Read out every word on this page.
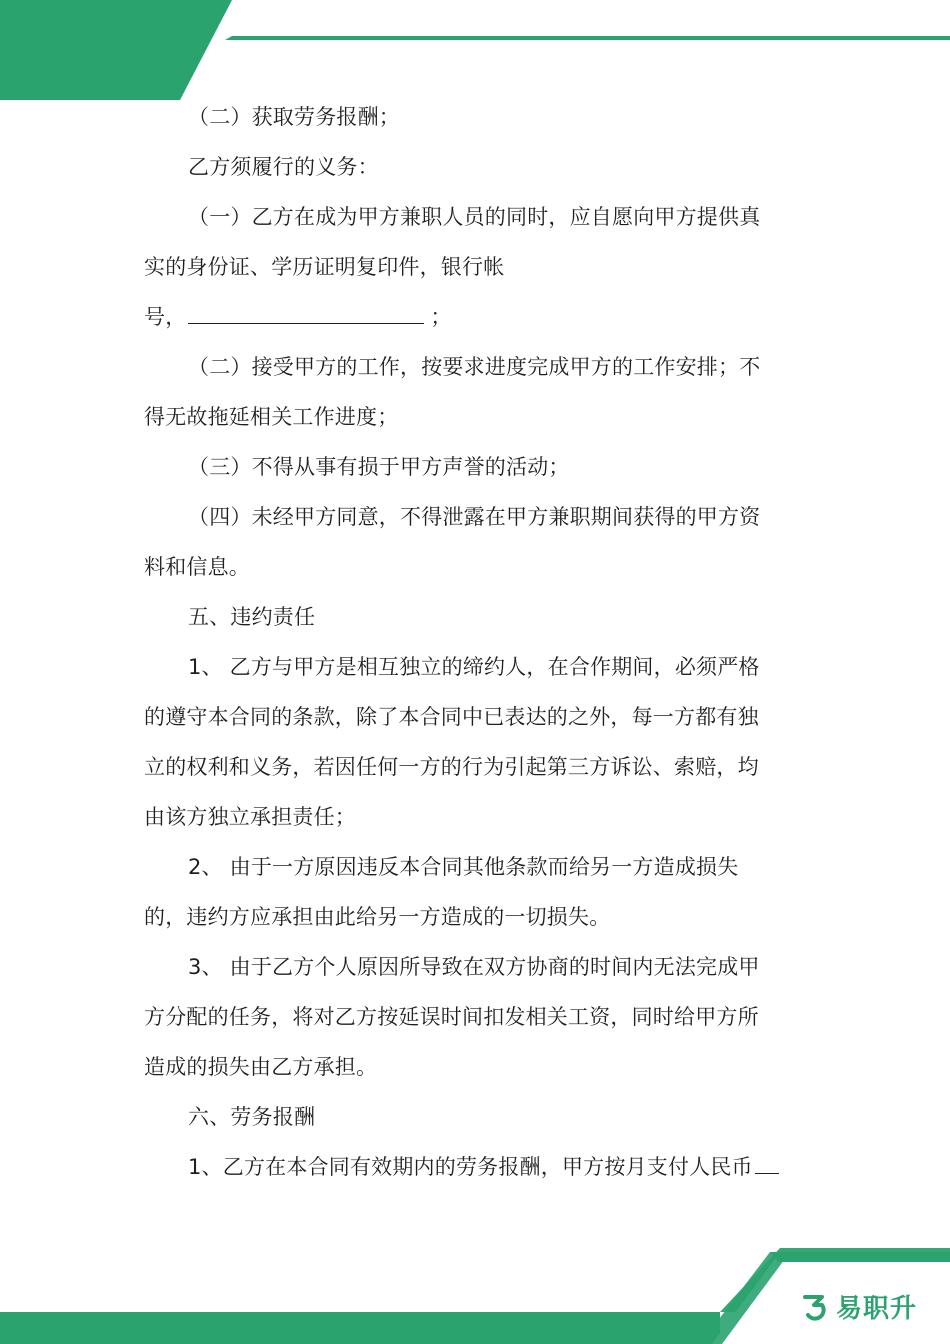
（二）获取劳务报酬；
乙方须履行的义务：
（一）乙方在成为甲方兼职人员的同时，应自愿向甲方提供真
实的身份证、学历证明复印件，银行帐
号，	；
（二）接受甲方的工作，按要求进度完成甲方的工作安排；不
得无故拖延相关工作进度；
（三）不得从事有损于甲方声誉的活动；
（四）未经甲方同意，不得泄露在甲方兼职期间获得的甲方资
料和信息。
五、违约责任
1、 乙方与甲方是相互独立的缔约人，在合作期间，必须严格
的遵守本合同的条款，除了本合同中已表达的之外，每一方都有独
立的权利和义务，若因任何一方的行为引起第三方诉讼、索赔，均
由该方独立承担责任；
2、 由于一方原因违反本合同其他条款而给另一方造成损失
的，违约方应承担由此给另一方造成的一切损失。
3、 由于乙方个人原因所导致在双方协商的时间内无法完成甲
方分配的任务，将对乙方按延误时间扣发相关工资，同时给甲方所
造成的损失由乙方承担。
六、劳务报酬
1、乙方在本合同有效期内的劳务报酬，甲方按月支付人民币
易职升
